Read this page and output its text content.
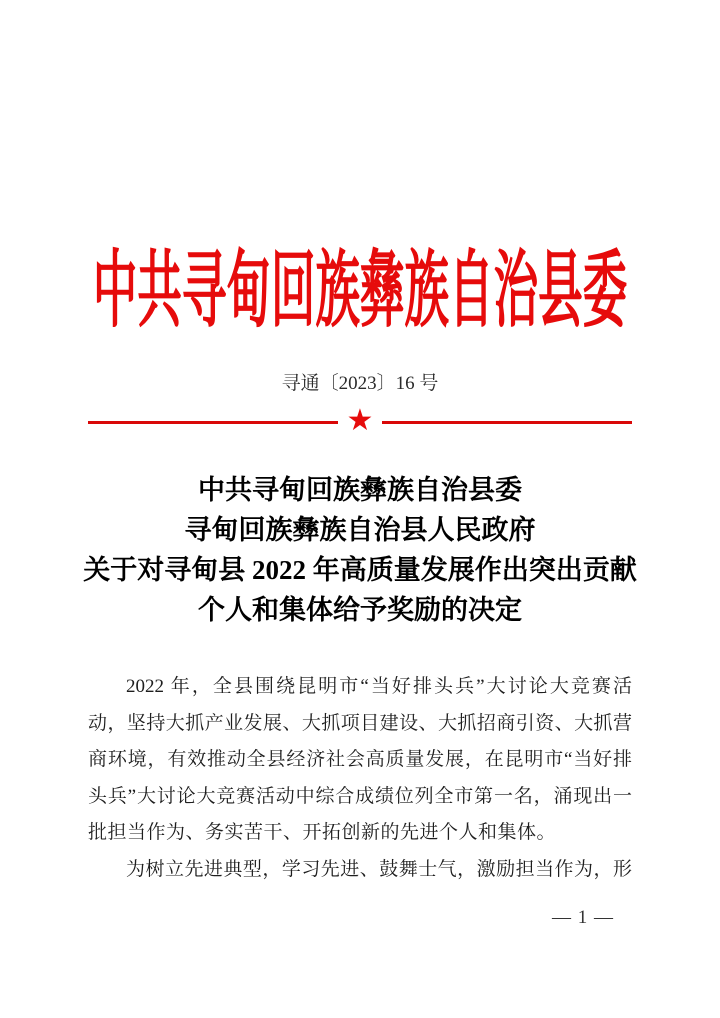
中共寻甸回族彝族自治县委
寻通〔2023〕16 号
★
中共寻甸回族彝族自治县委
寻甸回族彝族自治县人民政府
关于对寻甸县 2022 年高质量发展作出突出贡献
个人和集体给予奖励的决定

2022 年，全县围绕昆明市“当好排头兵”大讨论大竞赛活

动，坚持大抓产业发展、大抓项目建设、大抓招商引资、大抓营

商环境，有效推动全县经济社会高质量发展，在昆明市“当好排

头兵”大讨论大竞赛活动中综合成绩位列全市第一名，涌现出一

批担当作为、务实苦干、开拓创新的先进个人和集体。

为树立先进典型，学习先进、鼓舞士气，激励担当作为，形

— 1 —
